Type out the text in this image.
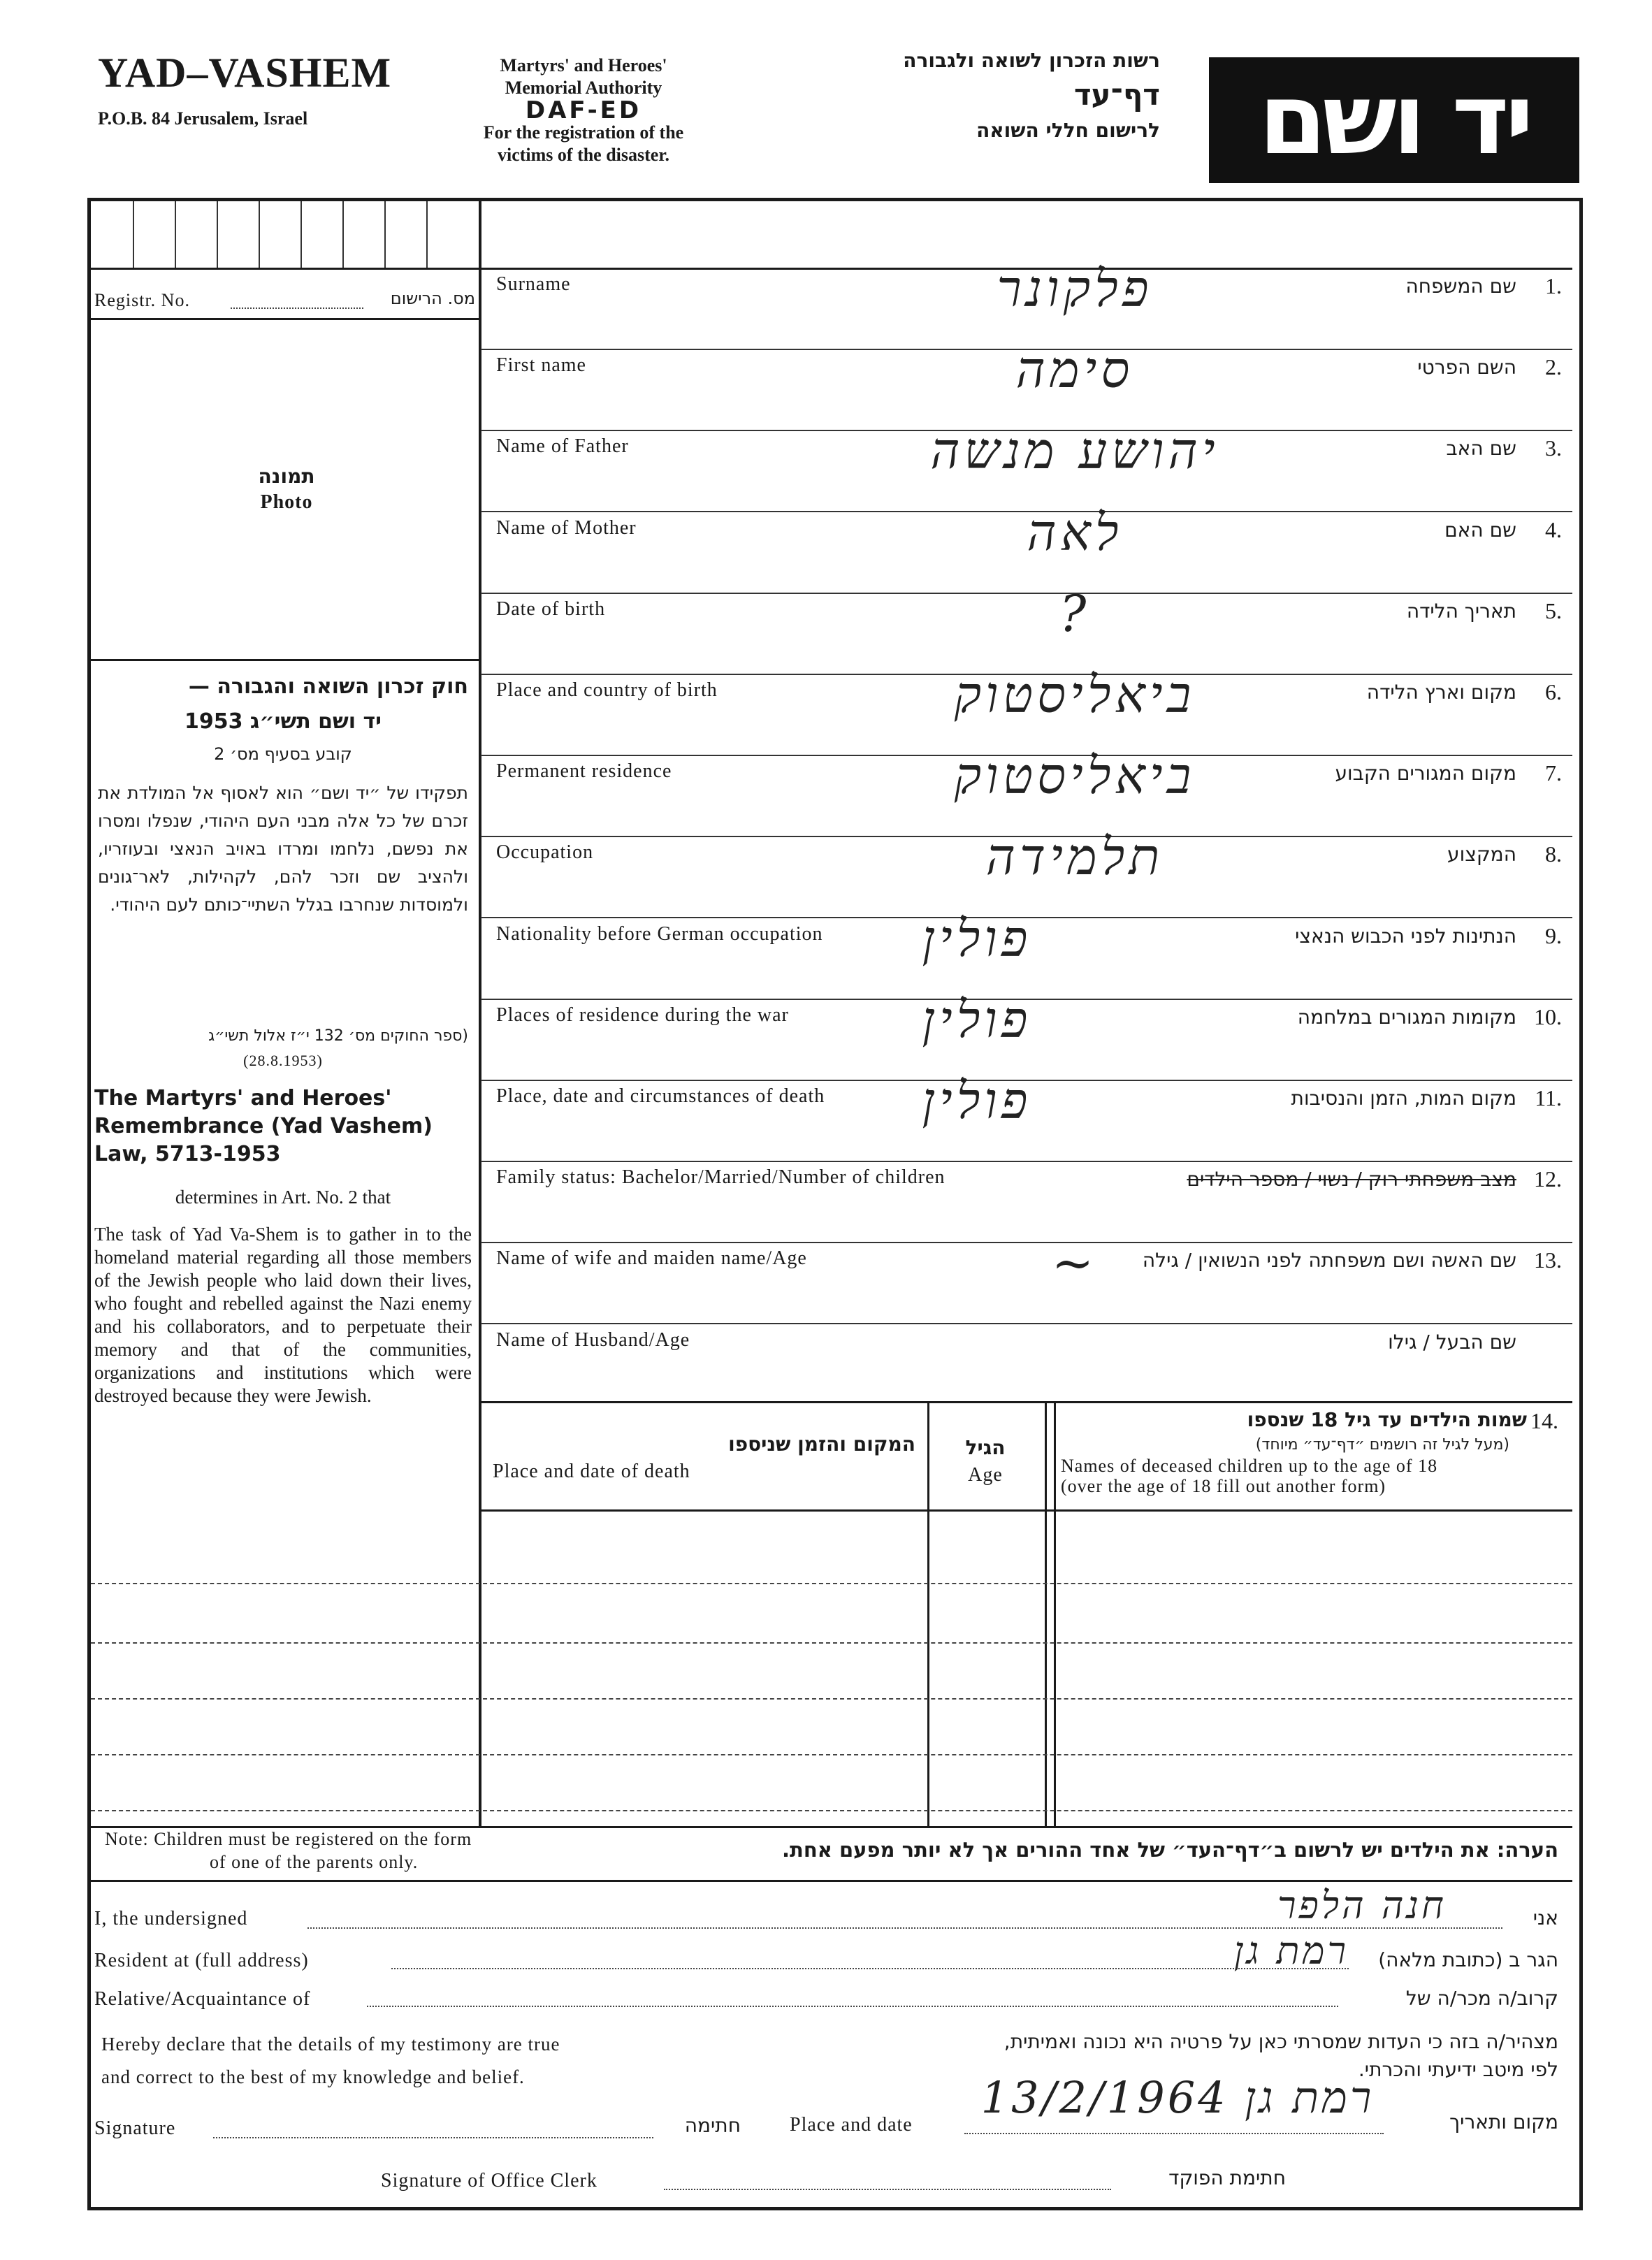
YAD–VASHEM
P.O.B. 84 Jerusalem, Israel
Martyrs' and Heroes'
Memorial Authority
DAF-ED
For the registration of the
victims of the disaster.
רשות הזכרון לשואה ולגבורה
דף־עד
לרישום חללי השואה	יד ושם
Registr. No.	מס. הרישום
תמונה
Photo
חוק זכרון השואה והגבורה —
יד ושם תשי״ג 1953
קובע בסעיף מס׳ 2
תפקידו של ״יד ושם״ הוא לאסוף אל המולדת את זכרם של כל אלה מבני העם היהודי, שנפלו ומסרו את נפשם, נלחמו ומרדו באויב הנאצי ובעוזריו, ולהציב שם וזכר להם, לקהילות, לאר־גונים ולמוסדות שנחרבו בגלל השתיי־כותם לעם היהודי.
(ספר החוקים מס׳ 132 י״ז אלול תשי״ג
(28.8.1953)
The Martyrs' and Heroes' Remembrance (Yad Vashem) Law, 5713-1953
determines in Art. No. 2 that
The task of Yad Va-Shem is to gather in to the homeland material regarding all those members of the Jewish people who laid down their lives, who fought and rebelled against the Nazi enemy and his collaborators, and to perpetuate their memory and that of the communities, organizations and institutions which were destroyed because they were Jewish.
Surname	שם המשפחה 1.
פלקונר
First name	השם הפרטי 2.
סימה
Name of Father	שם האב 3.
יהושע מנשה
Name of Mother	שם האם 4.
לאה
Date of birth	תאריך הלידה 5.
?
Place and country of birth	מקום וארץ הלידה 6.
ביאליסטוק
Permanent residence	מקום המגורים הקבוע 7.
ביאליסטוק
Occupation	המקצוע 8.
תלמידה
Nationality before German occupation	הנתינות לפני הכבוש הנאצי 9.
פולין
Places of residence during the war	מקומות המגורים במלחמה 10.
פולין
Place, date and circumstances of death	מקום המות, הזמן והנסיבות 11.
פולין
Family status: Bachelor/Married/Number of children	מצב משפחתי רוק / נשוי / מספר הילדים 12.
Name of wife and maiden name/Age	שם האשה ושם משפחתה לפני הנשואין / גילה 13.
~
Name of Husband/Age	שם הבעל / גילו
14.
שמות הילדים עד גיל 18 שנספו
(מעל לגיל זה רושמים ״דף־עד״ מיוחד)
Names of deceased children up to the age of 18
(over the age of 18 fill out another form)
הגיל
Age
המקום והזמן שניספו
Place and date of death
Note: Children must be registered on the form
of one of the parents only.
הערה: את הילדים יש לרשום ב״דף־העד״ של אחד ההורים אך לא יותר מפעם אחת.
I, the undersigned	חנה הלפר	אני
Resident at (full address)	רמת גן	הגר ב (כתובת מלאה)
Relative/Acquaintance of	קרוב/ה מכר/ה של
Hereby declare that the details of my testimony are true
and correct to the best of my knowledge and belief.
מצהיר/ה בזה כי העדות שמסרתי כאן על פרטיה היא נכונה ואמיתית,
לפי מיטב ידיעתי והכרתי.
Signature	חתימה	Place and date
רמת גן 13/2/1964	מקום ותאריך
Signature of Office Clerk	חתימת הפוקד
